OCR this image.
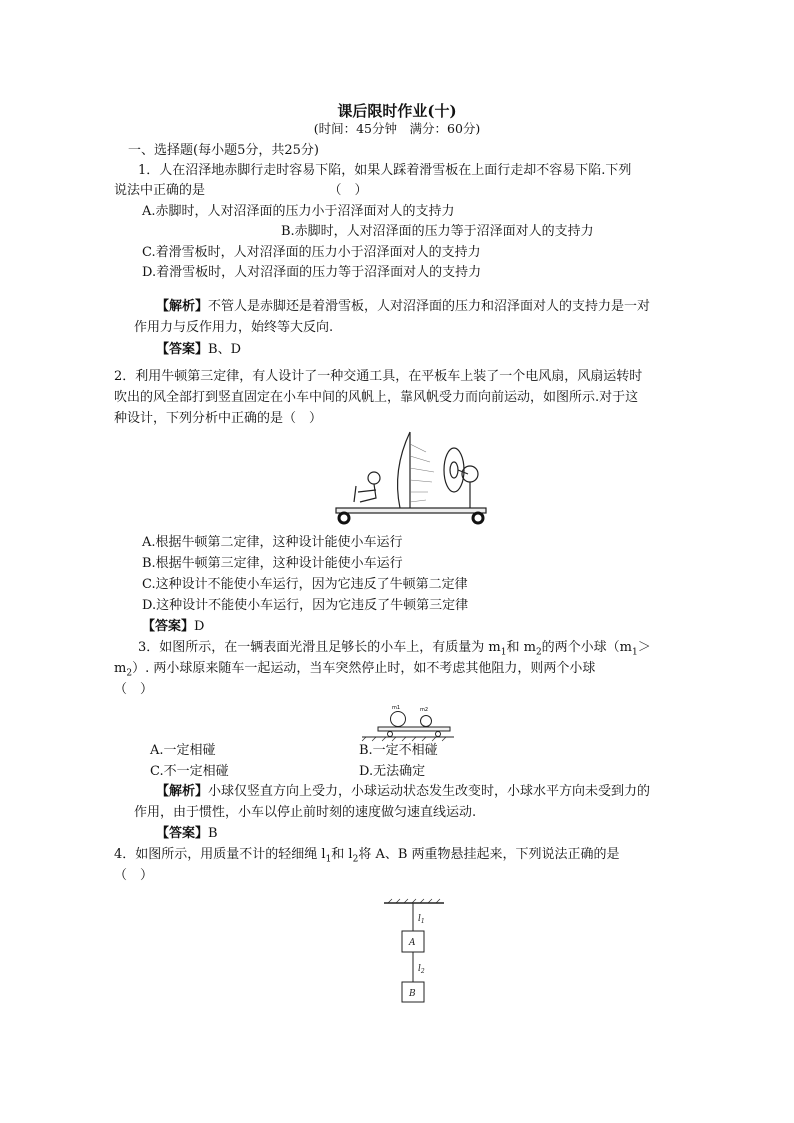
课后限时作业(十)
(时间：45分钟　满分：60分)
一、选择题(每小题5分，共25分)
1．人在沼泽地赤脚行走时容易下陷，如果人踩着滑雪板在上面行走却不容易下陷.下列
说法中正确的是　　　　　　　　　　（　）
A.赤脚时，人对沼泽面的压力小于沼泽面对人的支持力
B.赤脚时，人对沼泽面的压力等于沼泽面对人的支持力
C.着滑雪板时，人对沼泽面的压力小于沼泽面对人的支持力
D.着滑雪板时，人对沼泽面的压力等于沼泽面对人的支持力
【解析】不管人是赤脚还是着滑雪板，人对沼泽面的压力和沼泽面对人的支持力是一对
作用力与反作用力，始终等大反向.
【答案】B、D
2．利用牛顿第三定律，有人设计了一种交通工具，在平板车上装了一个电风扇，风扇运转时
吹出的风全部打到竖直固定在小车中间的风帆上，靠风帆受力而向前运动，如图所示.对于这
种设计，下列分析中正确的是（　）
A.根据牛顿第二定律，这种设计能使小车运行
B.根据牛顿第三定律，这种设计能使小车运行
C.这种设计不能使小车运行，因为它违反了牛顿第二定律
D.这种设计不能使小车运行，因为它违反了牛顿第三定律
【答案】D
3．如图所示，在一辆表面光滑且足够长的小车上，有质量为 $m_1$和 $m_2$的两个小球（$m_1>$
$m_2$）. 两小球原来随车一起运动，当车突然停止时，如不考虑其他阻力，则两个小球
（　）
m1	m2
A.一定相碰	B.一定不相碰
C.不一定相碰	D.无法确定
【解析】小球仅竖直方向上受力，小球运动状态发生改变时，小球水平方向未受到力的
作用，由于惯性，小车以停止前时刻的速度做匀速直线运动.
【答案】B
4．如图所示，用质量不计的轻细绳 $l_1$和 $l_2$将 A、B 两重物悬挂起来，下列说法正确的是
（　）
$l_1$
$l_2$
A
B
